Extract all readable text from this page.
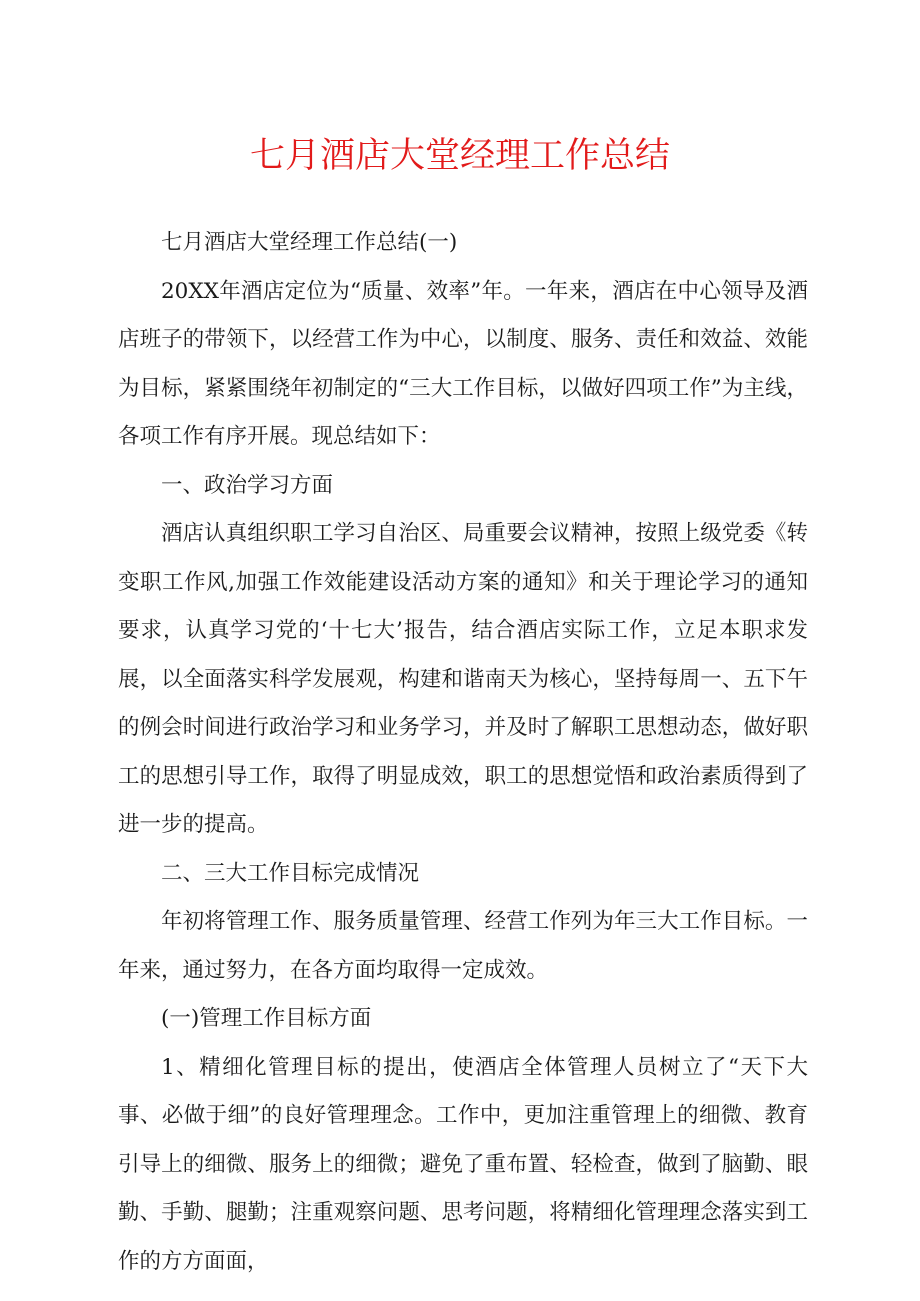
七月酒店大堂经理工作总结

七月酒店大堂经理工作总结(一)

20XX年酒店定位为“质量、效率”年。一年来，酒店在中心领导及酒店班子的带领下，以经营工作为中心，以制度、服务、责任和效益、效能为目标，紧紧围绕年初制定的“三大工作目标，以做好四项工作”为主线，各项工作有序开展。现总结如下：

一、政治学习方面

酒店认真组织职工学习自治区、局重要会议精神，按照上级党委《转变职工作风,加强工作效能建设活动方案的通知》和关于理论学习的通知要求，认真学习党的‘十七大’报告，结合酒店实际工作，立足本职求发展，以全面落实科学发展观，构建和谐南天为核心，坚持每周一、五下午的例会时间进行政治学习和业务学习，并及时了解职工思想动态，做好职工的思想引导工作，取得了明显成效，职工的思想觉悟和政治素质得到了进一步的提高。

二、三大工作目标完成情况

年初将管理工作、服务质量管理、经营工作列为年三大工作目标。一年来，通过努力，在各方面均取得一定成效。

(一)管理工作目标方面

1、精细化管理目标的提出，使酒店全体管理人员树立了“天下大事、必做于细”的良好管理理念。工作中，更加注重管理上的细微、教育引导上的细微、服务上的细微；避免了重布置、轻检查，做到了脑勤、眼勤、手勤、腿勤；注重观察问题、思考问题，将精细化管理理念落实到工作的方方面面，
